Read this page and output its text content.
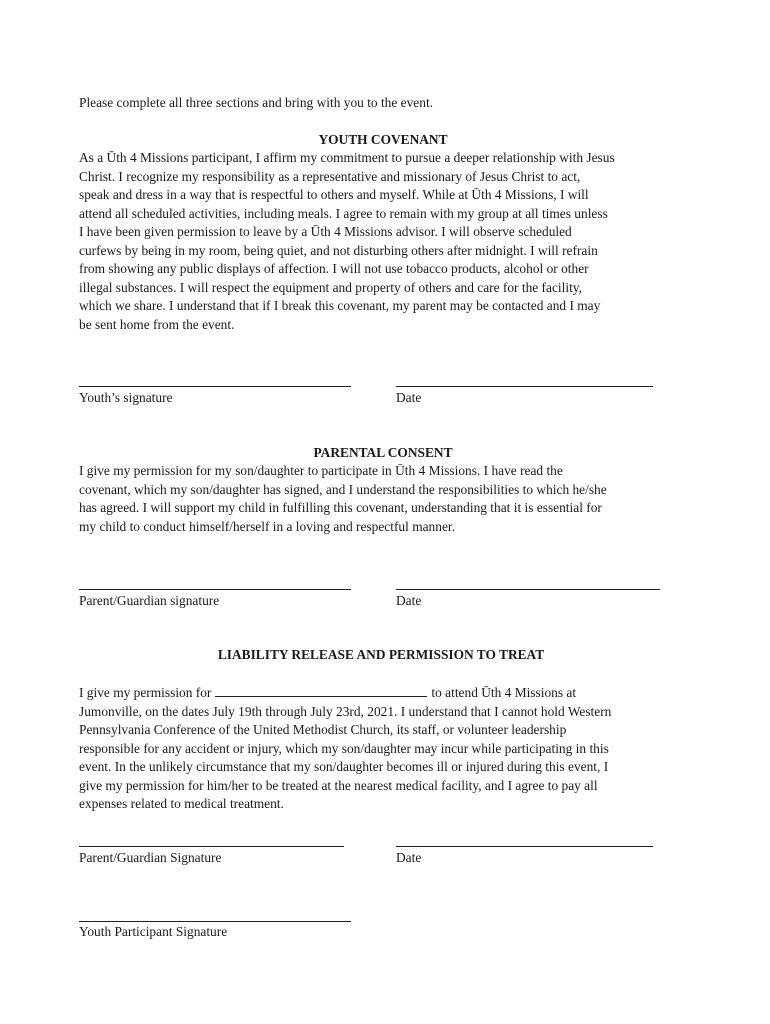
Please complete all three sections and bring with you to the event.
YOUTH COVENANT
As a Ūth 4 Missions participant, I affirm my commitment to pursue a deeper relationship with Jesus
Christ. I recognize my responsibility as a representative and missionary of Jesus Christ to act,
speak and dress in a way that is respectful to others and myself. While at Ūth 4 Missions, I will
attend all scheduled activities, including meals. I agree to remain with my group at all times unless
I have been given permission to leave by a Ūth 4 Missions advisor. I will observe scheduled
curfews by being in my room, being quiet, and not disturbing others after midnight. I will refrain
from showing any public displays of affection. I will not use tobacco products, alcohol or other
illegal substances. I will respect the equipment and property of others and care for the facility,
which we share. I understand that if I break this covenant, my parent may be contacted and I may
be sent home from the event.
Youth’s signature	Date
PARENTAL CONSENT
I give my permission for my son/daughter to participate in Ūth 4 Missions. I have read the
covenant, which my son/daughter has signed, and I understand the responsibilities to which he/she
has agreed. I will support my child in fulfilling this covenant, understanding that it is essential for
my child to conduct himself/herself in a loving and respectful manner.
Parent/Guardian signature	Date
LIABILITY RELEASE AND PERMISSION TO TREAT
I give my permission for	to attend Ūth 4 Missions at
Jumonville, on the dates July 19th through July 23rd, 2021. I understand that I cannot hold Western
Pennsylvania Conference of the United Methodist Church, its staff, or volunteer leadership
responsible for any accident or injury, which my son/daughter may incur while participating in this
event. In the unlikely circumstance that my son/daughter becomes ill or injured during this event, I
give my permission for him/her to be treated at the nearest medical facility, and I agree to pay all
expenses related to medical treatment.
Parent/Guardian Signature	Date
Youth Participant Signature
